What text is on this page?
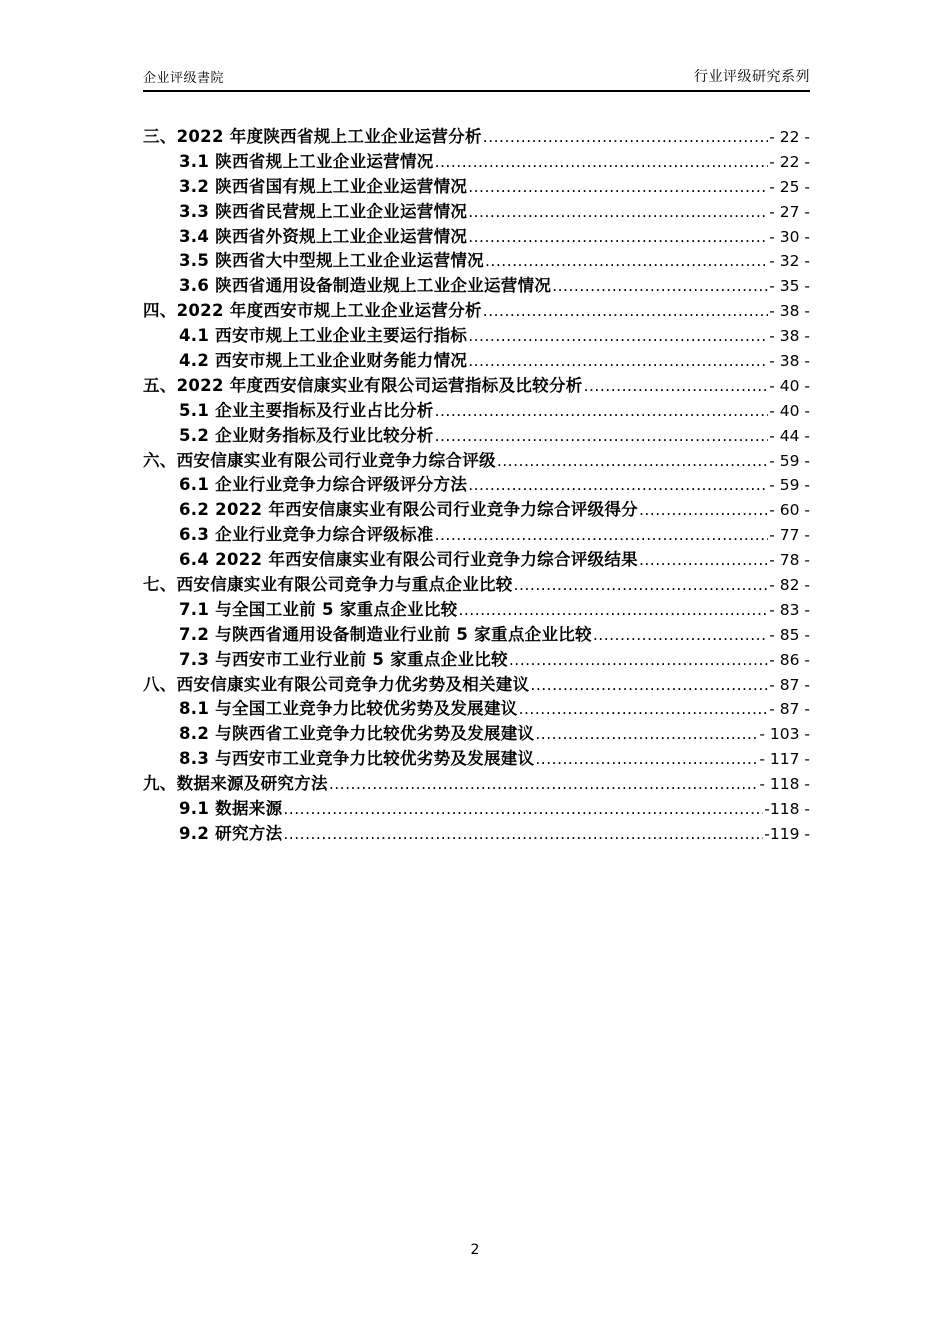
企业评级書院	行业评级研究系列
三、2022 年度陕西省规上工业企业运营分析 .....	- 22 -
3.1 陕西省规上工业企业运营情况 .....	- 22 -
3.2 陕西省国有规上工业企业运营情况 .....	- 25 -
3.3 陕西省民营规上工业企业运营情况 .....	- 27 -
3.4 陕西省外资规上工业企业运营情况 .....	- 30 -
3.5 陕西省大中型规上工业企业运营情况 .....	- 32 -
3.6 陕西省通用设备制造业规上工业企业运营情况 .....	- 35 -
四、2022 年度西安市规上工业企业运营分析 .....	- 38 -
4.1 西安市规上工业企业主要运行指标 .....	- 38 -
4.2 西安市规上工业企业财务能力情况 .....	- 38 -
五、2022 年度西安信康实业有限公司运营指标及比较分析 .....	- 40 -
5.1 企业主要指标及行业占比分析 .....	- 40 -
5.2 企业财务指标及行业比较分析 .....	- 44 -
六、西安信康实业有限公司行业竞争力综合评级 .....	- 59 -
6.1 企业行业竞争力综合评级评分方法 .....	- 59 -
6.2 2022 年西安信康实业有限公司行业竞争力综合评级得分 .....	- 60 -
6.3 企业行业竞争力综合评级标准 .....	- 77 -
6.4 2022 年西安信康实业有限公司行业竞争力综合评级结果 .....	- 78 -
七、西安信康实业有限公司竞争力与重点企业比较 .....	- 82 -
7.1 与全国工业前 5 家重点企业比较 .....	- 83 -
7.2 与陕西省通用设备制造业行业前 5 家重点企业比较 .....	- 85 -
7.3 与西安市工业行业前 5 家重点企业比较 .....	- 86 -
八、西安信康实业有限公司竞争力优劣势及相关建议 .....	- 87 -
8.1 与全国工业竞争力比较优劣势及发展建议 .....	- 87 -
8.2 与陕西省工业竞争力比较优劣势及发展建议 .....	- 103 -
8.3 与西安市工业竞争力比较优劣势及发展建议 .....	- 117 -
九、数据来源及研究方法 .....	- 118 -
9.1 数据来源 .....	-118 -
9.2 研究方法 .....	-119 -
2
